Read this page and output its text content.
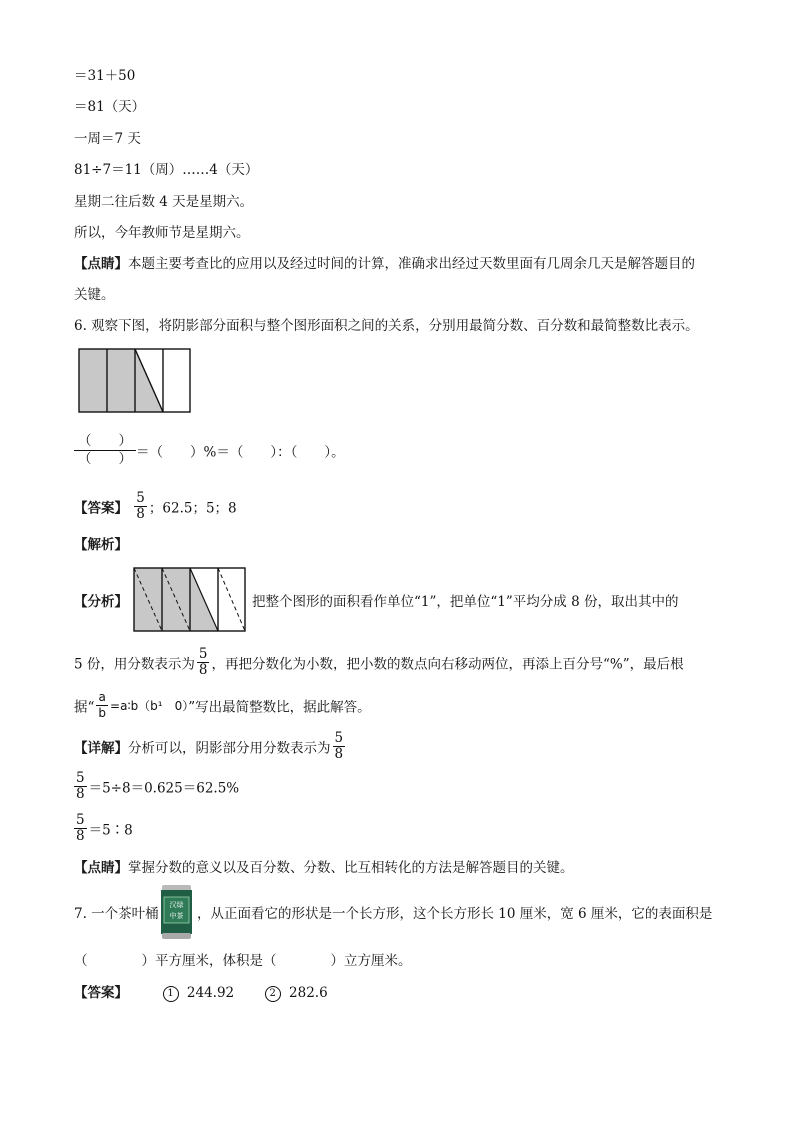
＝31＋50
＝81（天）
一周＝7 天
81÷7＝11（周）……4（天）
星期二往后数 4 天是星期六。
所以，今年教师节是星期六。
【点睛】本题主要考查比的应用以及经过时间的计算，准确求出经过天数里面有几周余几天是解答题目的
关键。
6. 观察下图，将阴影部分面积与整个图形面积之间的关系，分别用最简分数、百分数和最简整数比表示。
（　　）
（　　） ＝（　　）%＝（　　）：（　　）。
【答案】 $\frac{5}{8}$ ；62.5；5；8
【解析】
【分析】	把整个图形的面积看作单位“1”，把单位“1”平均分成 8 份，取出其中的
5 份，用分数表示为 $\frac{5}{8}$ ，再把分数化为小数，把小数的数点向右移动两位，再添上百分号“%”，最后根
据“ $\frac{a}{b}$ =a∶b（b¹　0）”写出最简整数比，据此解答。
【详解】分析可以，阴影部分用分数表示为 $\frac{5}{8}$
$\frac{5}{8} =5\div 8=0.625=62.5\%$
$\frac{5}{8}$ ＝5∶8
【点睛】掌握分数的意义以及百分数、分数、比互相转化的方法是解答题目的关键。
7. 一个茶叶桶
汉绿
中茶 ，从正面看它的形状是一个长方形，这个长方形长 10 厘米，宽 6 厘米，它的表面积是
（　　　　）平方厘米，体积是（　　　　）立方厘米。
【答案】	1 244.92	2 282.6
